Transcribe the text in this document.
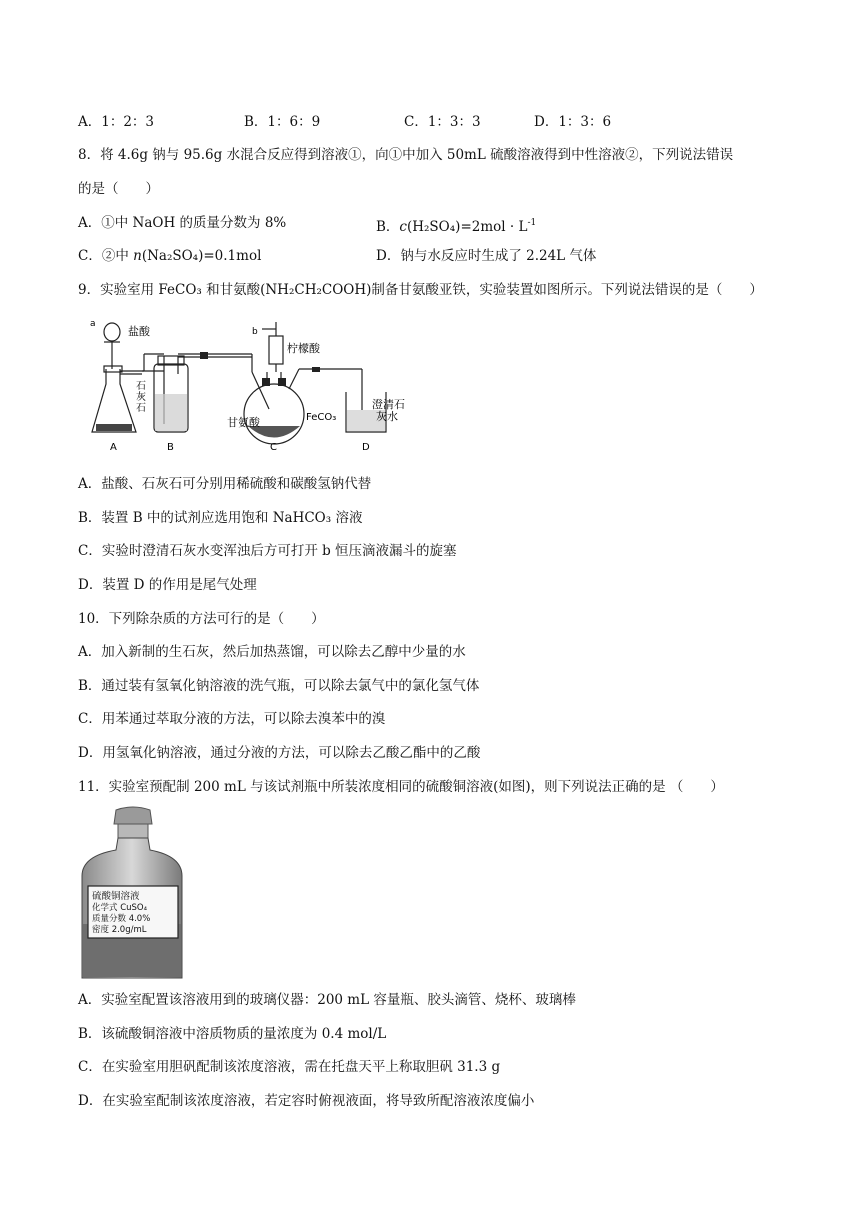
A．1：2：3	B．1：6：9	C．1：3：3	D．1：3：6
8．将 4.6g 钠与 95.6g 水混合反应得到溶液①，向①中加入 50mL 硫酸溶液得到中性溶液②，下列说法错误
的是（　　）
A．①中 NaOH 的质量分数为 8%	B．$c(H_2SO_4)=2mol \cdot L^{-1}$
C．②中 n(Na₂SO₄)=0.1mol	D．钠与水反应时生成了 2.24L 气体
9．实验室用 FeCO₃ 和甘氨酸(NH₂CH₂COOH)制备甘氨酸亚铁，实验装置如图所示。下列说法错误的是（　　）
a
盐酸
石
灰
石
b
柠檬酸
甘氨酸	FeCO₃
澄清石
灰水
A	B	C	D
A．盐酸、石灰石可分别用稀硫酸和碳酸氢钠代替
B．装置 B 中的试剂应选用饱和 NaHCO₃ 溶液
C．实验时澄清石灰水变浑浊后方可打开 b 恒压滴液漏斗的旋塞
D．装置 D 的作用是尾气处理
10．下列除杂质的方法可行的是（　　）
A．加入新制的生石灰，然后加热蒸馏，可以除去乙醇中少量的水
B．通过装有氢氧化钠溶液的洗气瓶，可以除去氯气中的氯化氢气体
C．用苯通过萃取分液的方法，可以除去溴苯中的溴
D．用氢氧化钠溶液，通过分液的方法，可以除去乙酸乙酯中的乙酸
11．实验室预配制 200 mL 与该试剂瓶中所装浓度相同的硫酸铜溶液(如图)，则下列说法正确的是 （　　）
硫酸铜溶液
化学式 CuSO₄
质量分数 4.0%
密度 2.0g/mL
A．实验室配置该溶液用到的玻璃仪器：200 mL 容量瓶、胶头滴管、烧杯、玻璃棒
B．该硫酸铜溶液中溶质物质的量浓度为 0.4 mol/L
C．在实验室用胆矾配制该浓度溶液，需在托盘天平上称取胆矾 31.3 g
D．在实验室配制该浓度溶液，若定容时俯视液面，将导致所配溶液浓度偏小
